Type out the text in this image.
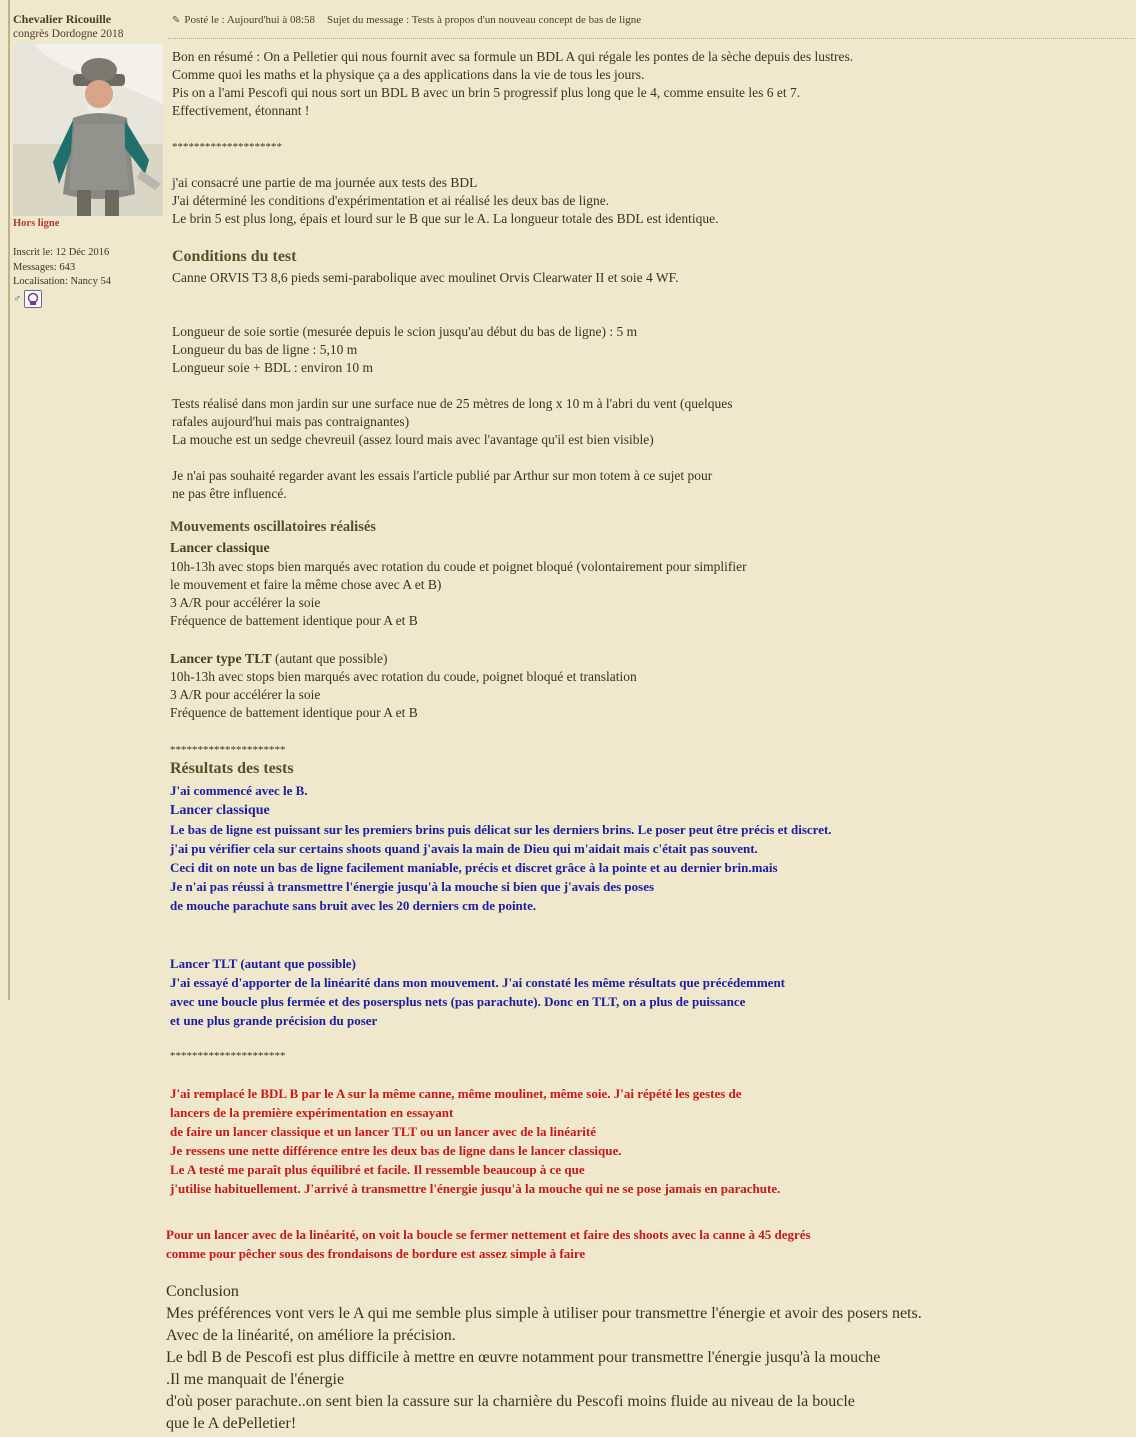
Chevalier Ricouille
congrès Dordogne 2018
Hors ligne
Inscrit le: 12 Déc 2016
Messages: 643
Localisation: Nancy 54
♂
✎ Posté le : Aujourd'hui à 08:58 Sujet du message : Tests à propos d'un nouveau concept de bas de ligne
Bon en résumé : On a Pelletier qui nous fournit avec sa formule un BDL A qui régale les pontes de la sèche depuis des lustres.
Comme quoi les maths et la physique ça a des applications dans la vie de tous les jours.
Pis on a l'ami Pescofi qui nous sort un BDL B avec un brin 5 progressif plus long que le 4, comme ensuite les 6 et 7.
Effectivement, étonnant !
********************
j'ai consacré une partie de ma journée aux tests des BDL
J'ai déterminé les conditions d'expérimentation et ai réalisé les deux bas de ligne.
Le brin 5 est plus long, épais et lourd sur le B que sur le A. La longueur totale des BDL est identique.
Conditions du test
Canne ORVIS T3 8,6 pieds semi-parabolique avec moulinet Orvis Clearwater II et soie 4 WF.
Longueur de soie sortie (mesurée depuis le scion jusqu'au début du bas de ligne) : 5 m
Longueur du bas de ligne : 5,10 m
Longueur soie + BDL : environ 10 m
Tests réalisé dans mon jardin sur une surface nue de 25 mètres de long x 10 m à l'abri du vent (quelques
rafales aujourd'hui mais pas contraignantes)
La mouche est un sedge chevreuil (assez lourd mais avec l'avantage qu'il est bien visible)
Je n'ai pas souhaité regarder avant les essais l'article publié par Arthur sur mon totem à ce sujet pour
ne pas être influencé.
Mouvements oscillatoires réalisés
Lancer classique
10h-13h avec stops bien marqués avec rotation du coude et poignet bloqué (volontairement pour simplifier
le mouvement et faire la même chose avec A et B)
3 A/R pour accélérer la soie
Fréquence de battement identique pour A et B
Lancer type TLT (autant que possible)
10h-13h avec stops bien marqués avec rotation du coude, poignet bloqué et translation
3 A/R pour accélérer la soie
Fréquence de battement identique pour A et B
*********************
Résultats des tests
J'ai commencé avec le B.
Lancer classique
Le bas de ligne est puissant sur les premiers brins puis délicat sur les derniers brins. Le poser peut être précis et discret.
j'ai pu vérifier cela sur certains shoots quand j'avais la main de Dieu qui m'aidait mais c'était pas souvent.
Ceci dit on note un bas de ligne facilement maniable, précis et discret grâce à la pointe et au dernier brin.mais
Je n'ai pas réussi à transmettre l'énergie jusqu'à la mouche si bien que j'avais des poses
de mouche parachute sans bruit avec les 20 derniers cm de pointe.
Lancer TLT (autant que possible)
J'ai essayé d'apporter de la linéarité dans mon mouvement. J'ai constaté les même résultats que précédemment
avec une boucle plus fermée et des posersplus nets (pas parachute). Donc en TLT, on a plus de puissance
et une plus grande précision du poser
*********************
J'ai remplacé le BDL B par le A sur la même canne, même moulinet, même soie. J'ai répété les gestes de
lancers de la première expérimentation en essayant
de faire un lancer classique et un lancer TLT ou un lancer avec de la linéarité
Je ressens une nette différence entre les deux bas de ligne dans le lancer classique.
Le A testé me paraît plus équilibré et facile. Il ressemble beaucoup à ce que
j'utilise habituellement. J'arrivé à transmettre l'énergie jusqu'à la mouche qui ne se pose jamais en parachute.
Pour un lancer avec de la linéarité, on voit la boucle se fermer nettement et faire des shoots avec la canne à 45 degrés
comme pour pêcher sous des frondaisons de bordure est assez simple à faire
Conclusion
Mes préférences vont vers le A qui me semble plus simple à utiliser pour transmettre l'énergie et avoir des posers nets.
Avec de la linéarité, on améliore la précision.
Le bdl B de Pescofi est plus difficile à mettre en œuvre notamment pour transmettre l'énergie jusqu'à la mouche
.Il me manquait de l'énergie
d'où poser parachute..on sent bien la cassure sur la charnière du Pescofi moins fluide au niveau de la boucle
que le A dePelletier!
